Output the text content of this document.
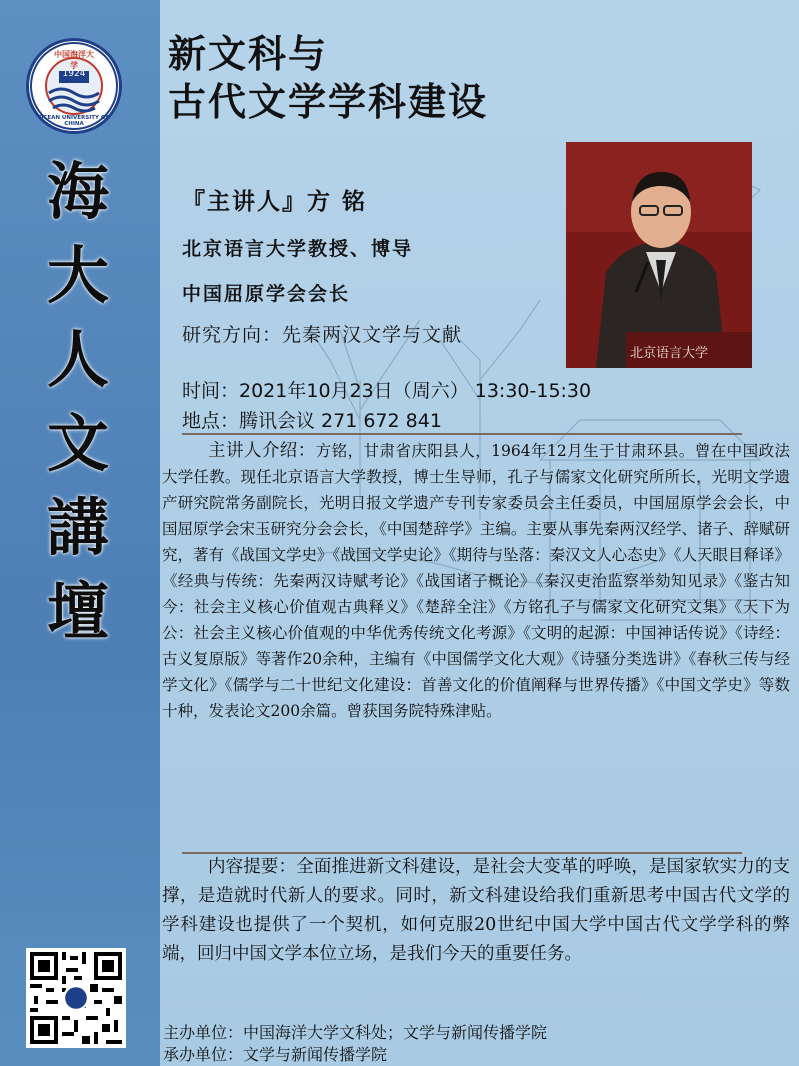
1924
中国海洋大学
OCEAN UNIVERSITY OF CHINA
海
大
人
文
講
壇
新文科与
古代文学学科建设
北京语言大学
『主讲人』方 铭
北京语言大学教授、博导
中国屈原学会会长
研究方向：先秦两汉文学与文献
时间：2021年10月23日（周六） 13:30-15:30
地点：腾讯会议 271 672 841
主讲人介绍：方铭，甘肃省庆阳县人，1964年12月生于甘肃环县。曾在中国政法大学任教。现任北京语言大学教授，博士生导师，孔子与儒家文化研究所所长，光明文学遗产研究院常务副院长，光明日报文学遗产专刊专家委员会主任委员，中国屈原学会会长，中国屈原学会宋玉研究分会会长，《中国楚辞学》主编。主要从事先秦两汉经学、诸子、辞赋研究，著有《战国文学史》《战国文学史论》《期待与坠落：秦汉文人心态史》《人天眼目释译》《经典与传统：先秦两汉诗赋考论》《战国诸子概论》《秦汉吏治监察举劾知见录》《鉴古知今：社会主义核心价值观古典释义》《楚辞全注》《方铭孔子与儒家文化研究文集》《天下为公：社会主义核心价值观的中华优秀传统文化考源》《文明的起源：中国神话传说》《诗经：古义复原版》等著作20余种，主编有《中国儒学文化大观》《诗骚分类选讲》《春秋三传与经学文化》《儒学与二十世纪文化建设：首善文化的价值阐释与世界传播》《中国文学史》等数十种，发表论文200余篇。曾获国务院特殊津贴。
内容提要：全面推进新文科建设，是社会大变革的呼唤，是国家软实力的支撑，是造就时代新人的要求。同时，新文科建设给我们重新思考中国古代文学的学科建设也提供了一个契机，如何克服20世纪中国大学中国古代文学学科的弊端，回归中国文学本位立场，是我们今天的重要任务。
主办单位：中国海洋大学文科处；文学与新闻传播学院
承办单位：文学与新闻传播学院
